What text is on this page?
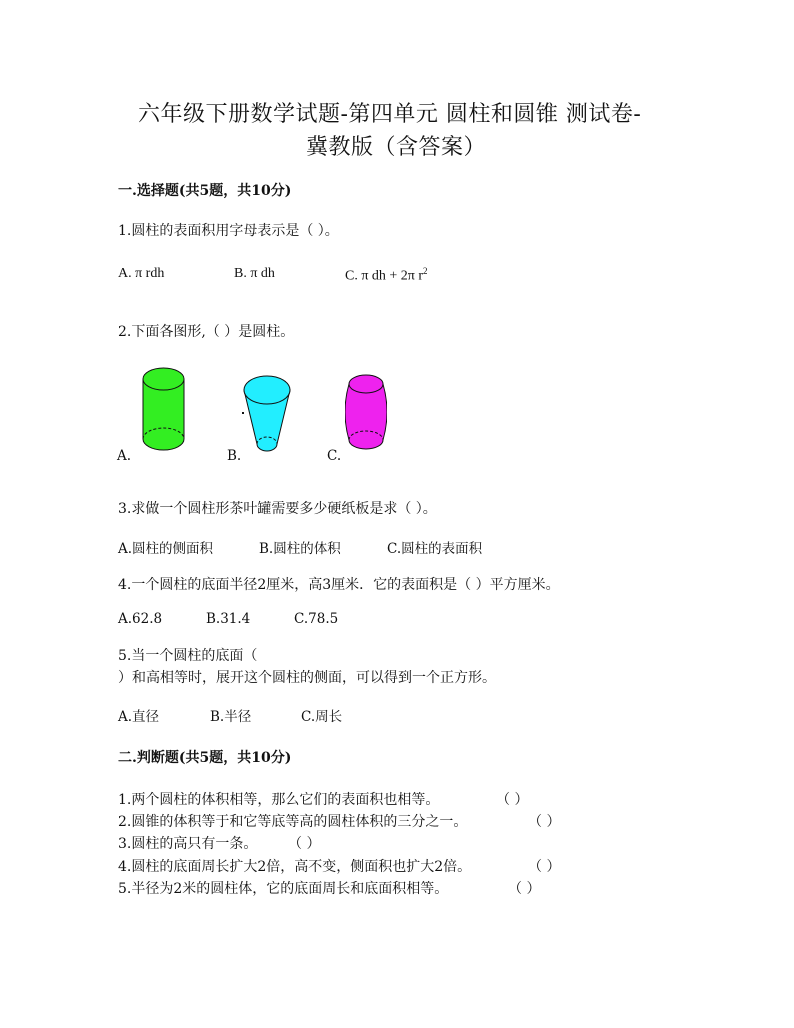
六年级下册数学试题-第四单元 圆柱和圆锥 测试卷-
冀教版（含答案）
一.选择题(共5题，共10分)
1.圆柱的表面积用字母表示是（ ）。
A. π rdh	B. π dh	C. π dh + 2π $r^2$
2.下面各图形,（ ）是圆柱。
A.	B.	C.
3.求做一个圆柱形茶叶罐需要多少硬纸板是求（ ）。
A.圆柱的侧面积	B.圆柱的体积	C.圆柱的表面积
4.一个圆柱的底面半径2厘米，高3厘米．它的表面积是（ ）平方厘米。
A.62.8	B.31.4	C.78.5
5.当一个圆柱的底面（
）和高相等时，展开这个圆柱的侧面，可以得到一个正方形。
A.直径	B.半径	C.周长
二.判断题(共5题，共10分)
1.两个圆柱的体积相等，那么它们的表面积也相等。	（ ）
2.圆锥的体积等于和它等底等高的圆柱体积的三分之一。	（ ）
3.圆柱的高只有一条。 （ ）
4.圆柱的底面周长扩大2倍，高不变，侧面积也扩大2倍。	（ ）
5.半径为2米的圆柱体，它的底面周长和底面积相等。	（ ）
